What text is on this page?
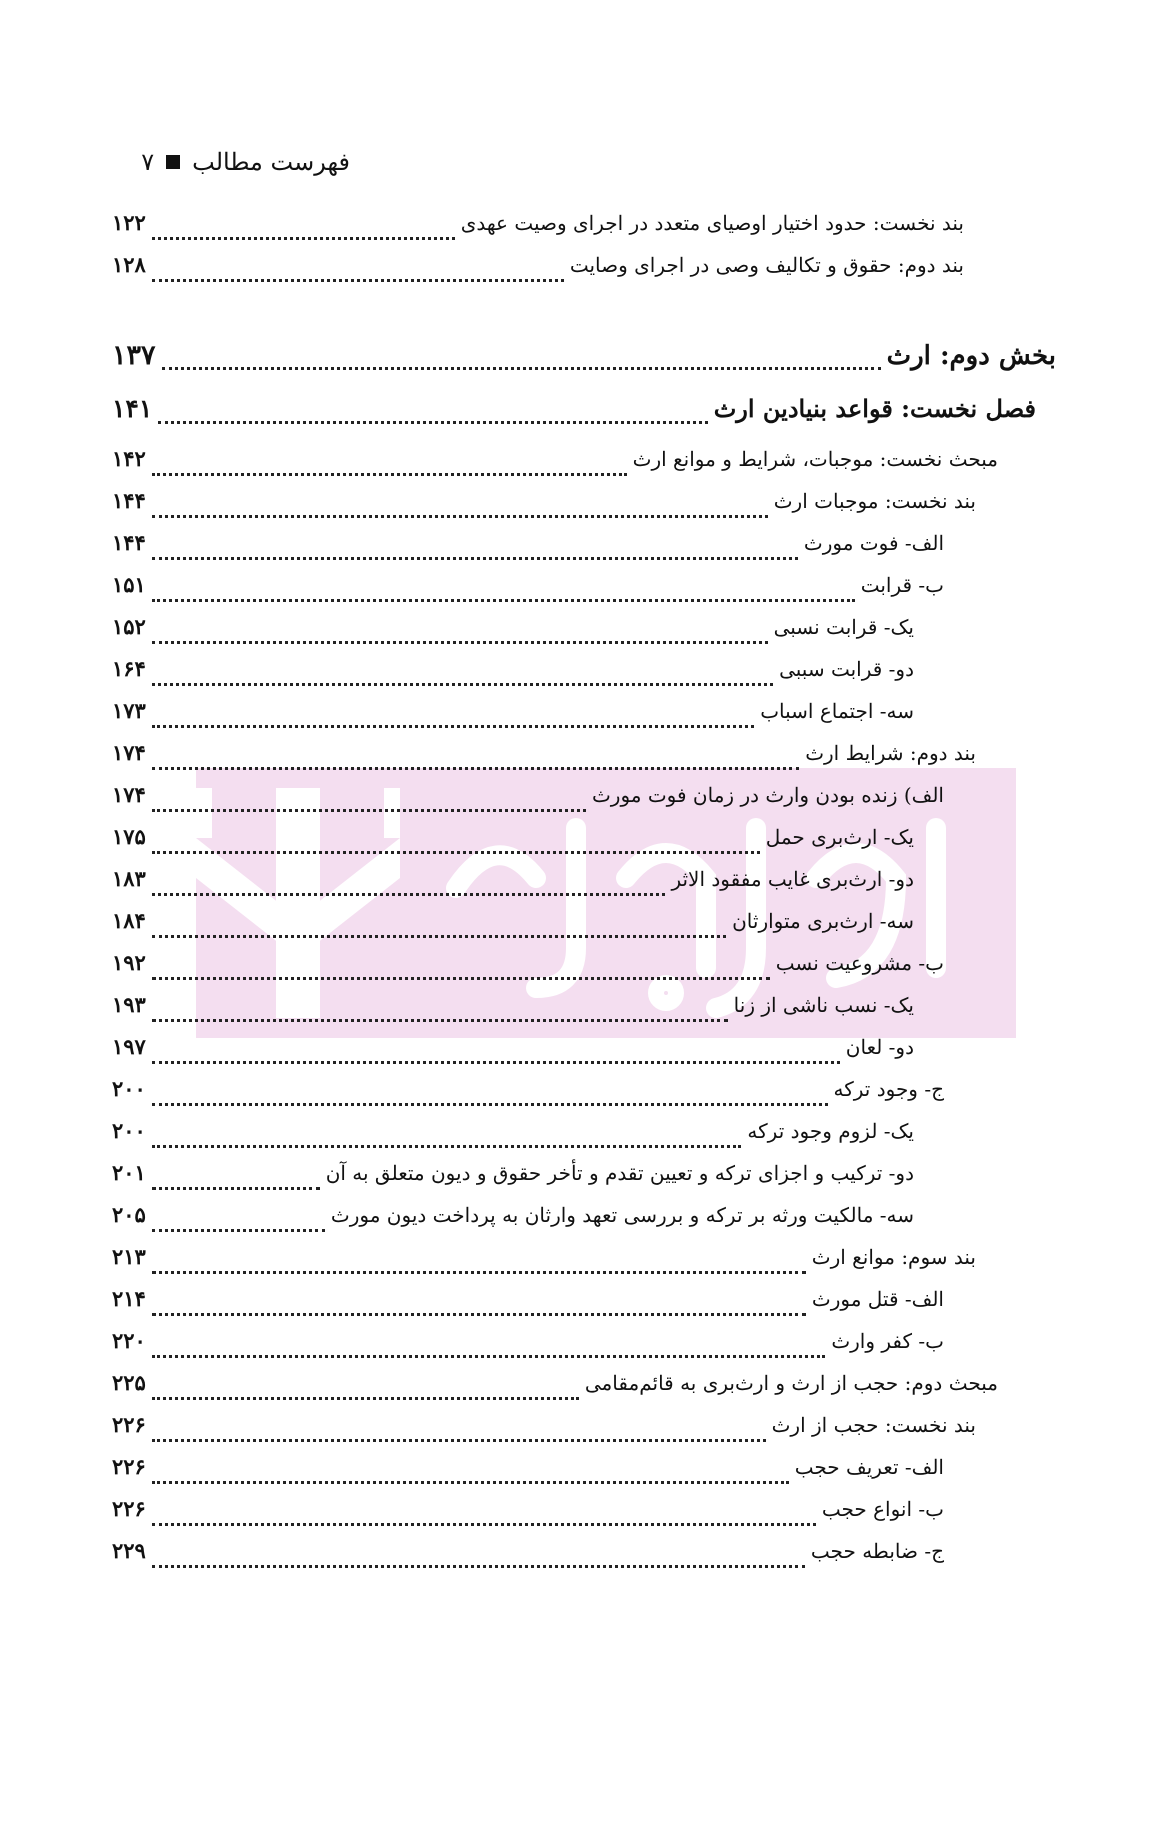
فهرست مطالب
۷
بند نخست: حدود اختیار اوصیای متعدد در اجرای وصیت عهدی
۱۲۲
بند دوم: حقوق و تکالیف وصی در اجرای وصایت
۱۲۸
بخش دوم: ارث
۱۳۷
فصل نخست: قواعد بنیادین ارث
۱۴۱
مبحث نخست: موجبات، شرایط و موانع ارث
۱۴۲
بند نخست: موجبات ارث
۱۴۴
الف- فوت مورث
۱۴۴
ب- قرابت
۱۵۱
یک- قرابت نسبی
۱۵۲
دو- قرابت سببی
۱۶۴
سه- اجتماع اسباب
۱۷۳
بند دوم: شرایط ارث
۱۷۴
الف) زنده بودن وارث در زمان فوت مورث
۱۷۴
یک- ارث‌بری حمل
۱۷۵
دو- ارث‌بری غایب مفقود الاثر
۱۸۳
سه- ارث‌بری متوارثان
۱۸۴
ب- مشروعیت نسب
۱۹۲
یک- نسب ناشی از زنا
۱۹۳
دو- لعان
۱۹۷
ج- وجود ترکه
۲۰۰
یک- لزوم وجود ترکه
۲۰۰
دو- ترکیب و اجزای ترکه و تعیین تقدم و تأخر حقوق و دیون متعلق به آن
۲۰۱
سه- مالکیت ورثه بر ترکه و بررسی تعهد وارثان به پرداخت دیون مورث
۲۰۵
بند سوم: موانع ارث
۲۱۳
الف- قتل مورث
۲۱۴
ب- کفر وارث
۲۲۰
مبحث دوم: حجب از ارث و ارث‌بری به قائم‌مقامی
۲۲۵
بند نخست: حجب از ارث
۲۲۶
الف- تعریف حجب
۲۲۶
ب- انواع حجب
۲۲۶
ج- ضابطه حجب
۲۲۹
